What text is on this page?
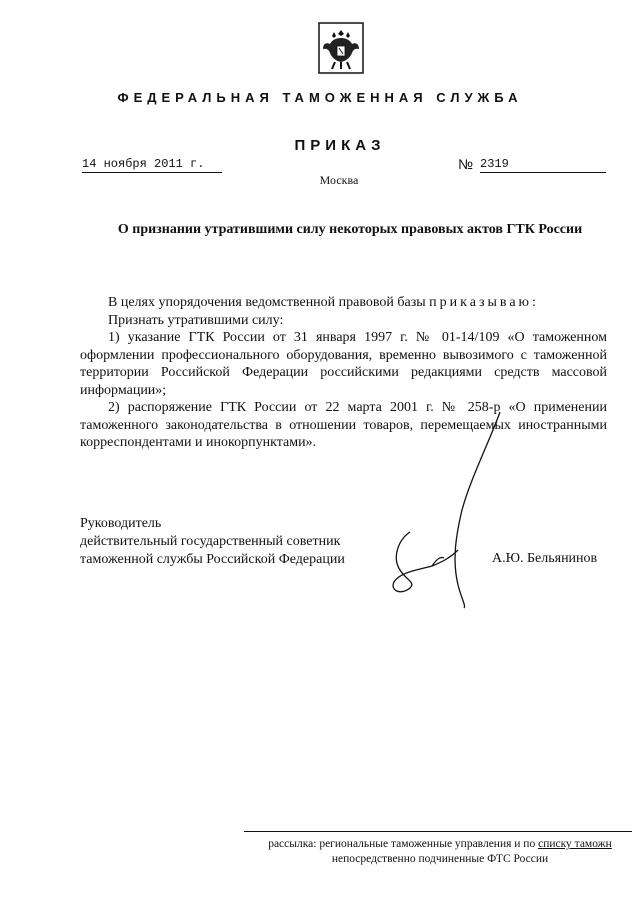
ФЕДЕРАЛЬНАЯ ТАМОЖЕННАЯ СЛУЖБА
ПРИКАЗ
14 ноября 2011 г.	№ 2319
Москва
О признании утратившими силу некоторых правовых актов ГТК России

В целях упорядочения ведомственной правовой базы приказываю:

Признать утратившими силу:

1) указание ГТК России от 31 января 1997 г. № 01-14/109 «О таможенном оформлении профессионального оборудования, временно вывозимого с таможенной территории Российской Федерации российскими редакциями средств массовой информации»;

2) распоряжение ГТК России от 22 марта 2001 г. № 258-р «О применении таможенного законодательства в отношении товаров, перемещаемых иностранными корреспондентами и инокорпунктами».

Руководитель
действительный государственный советник
таможенной службы Российской Федерации	А.Ю. Бельянинов
рассылка: региональные таможенные управления и по списку таможн
непосредственно подчиненные ФТС России
